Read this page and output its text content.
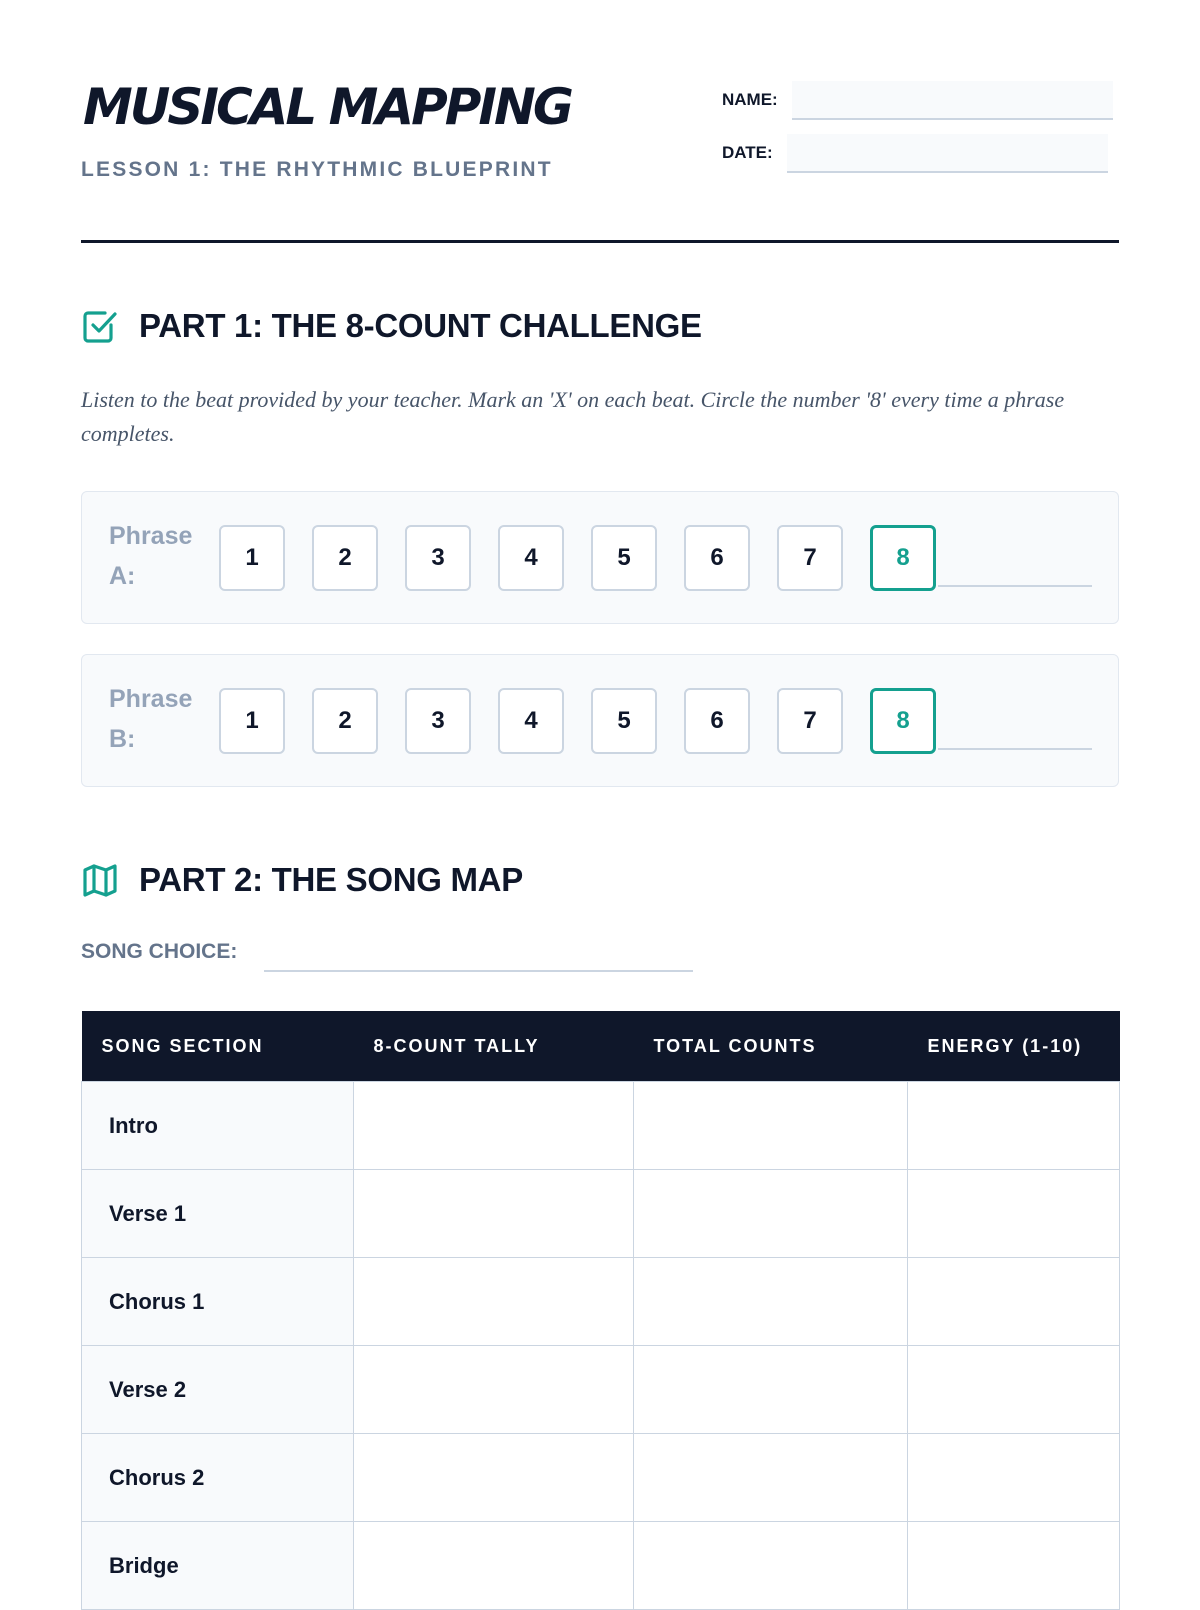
MUSICAL MAPPING
LESSON 1: THE RHYTHMIC BLUEPRINT
NAME:
DATE:
PART 1: THE 8-COUNT CHALLENGE

Listen to the beat provided by your teacher. Mark an 'X' on each beat. Circle the number '8' every time a phrase completes.

Phrase A:
1	2	3	4	5	6	7	8
Phrase B:
1	2	3	4	5	6	7	8
PART 2: THE SONG MAP
SONG CHOICE:
SONG SECTION	8-COUNT TALLY	TOTAL COUNTS	ENERGY (1-10)
Intro			
Verse 1			
Chorus 1			
Verse 2			
Chorus 2			
Bridge			
